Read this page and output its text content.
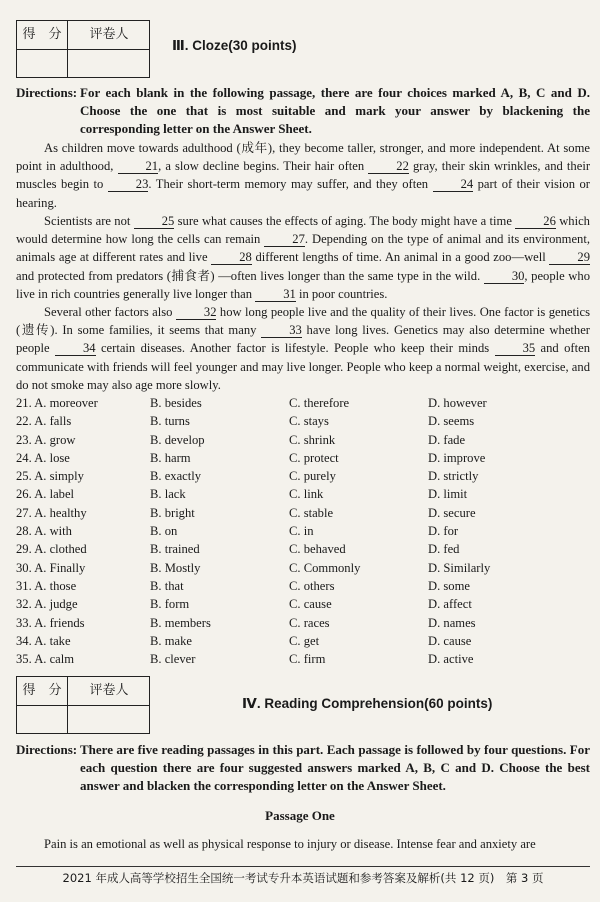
得　分	评卷人
Ⅲ. Cloze(30 points)
Directions: For each blank in the following passage, there are four choices marked A, B, C and D. Choose the one that is most suitable and mark your answer by blackening the corresponding letter on the Answer Sheet.
As children move towards adulthood (成年), they become taller, stronger, and more independent. At some point in adulthood, 21, a slow decline begins. Their hair often 22 gray, their skin wrinkles, and their muscles begin to 23. Their short-term memory may suffer, and they often 24 part of their vision or hearing.
Scientists are not 25 sure what causes the effects of aging. The body might have a time 26 which would determine how long the cells can remain 27. Depending on the type of animal and its environment, animals age at different rates and live 28 different lengths of time. An animal in a good zoo—well 29 and protected from predators (捕食者) —often lives longer than the same type in the wild. 30, people who live in rich countries generally live longer than 31 in poor countries.
Several other factors also 32 how long people live and the quality of their lives. One factor is genetics (遗传). In some families, it seems that many 33 have long lives. Genetics may also determine whether people 34 certain diseases. Another factor is lifestyle. People who keep their minds 35 and often communicate with friends will feel younger and may live longer. People who keep a normal weight, exercise, and do not smoke may also age more slowly.
21. A. moreover	B. besides	C. therefore	D. however
22. A. falls	B. turns	C. stays	D. seems
23. A. grow	B. develop	C. shrink	D. fade
24. A. lose	B. harm	C. protect	D. improve
25. A. simply	B. exactly	C. purely	D. strictly
26. A. label	B. lack	C. link	D. limit
27. A. healthy	B. bright	C. stable	D. secure
28. A. with	B. on	C. in	D. for
29. A. clothed	B. trained	C. behaved	D. fed
30. A. Finally	B. Mostly	C. Commonly	D. Similarly
31. A. those	B. that	C. others	D. some
32. A. judge	B. form	C. cause	D. affect
33. A. friends	B. members	C. races	D. names
34. A. take	B. make	C. get	D. cause
35. A. calm	B. clever	C. firm	D. active
得　分	评卷人
Ⅳ. Reading Comprehension(60 points)
Directions: There are five reading passages in this part. Each passage is followed by four questions. For each question there are four suggested answers marked A, B, C and D. Choose the best answer and blacken the corresponding letter on the Answer Sheet.
Passage One
Pain is an emotional as well as physical response to injury or disease. Intense fear and anxiety are
2021 年成人高等学校招生全国统一考试专升本英语试题和参考答案及解析(共 12 页)　第 3 页
